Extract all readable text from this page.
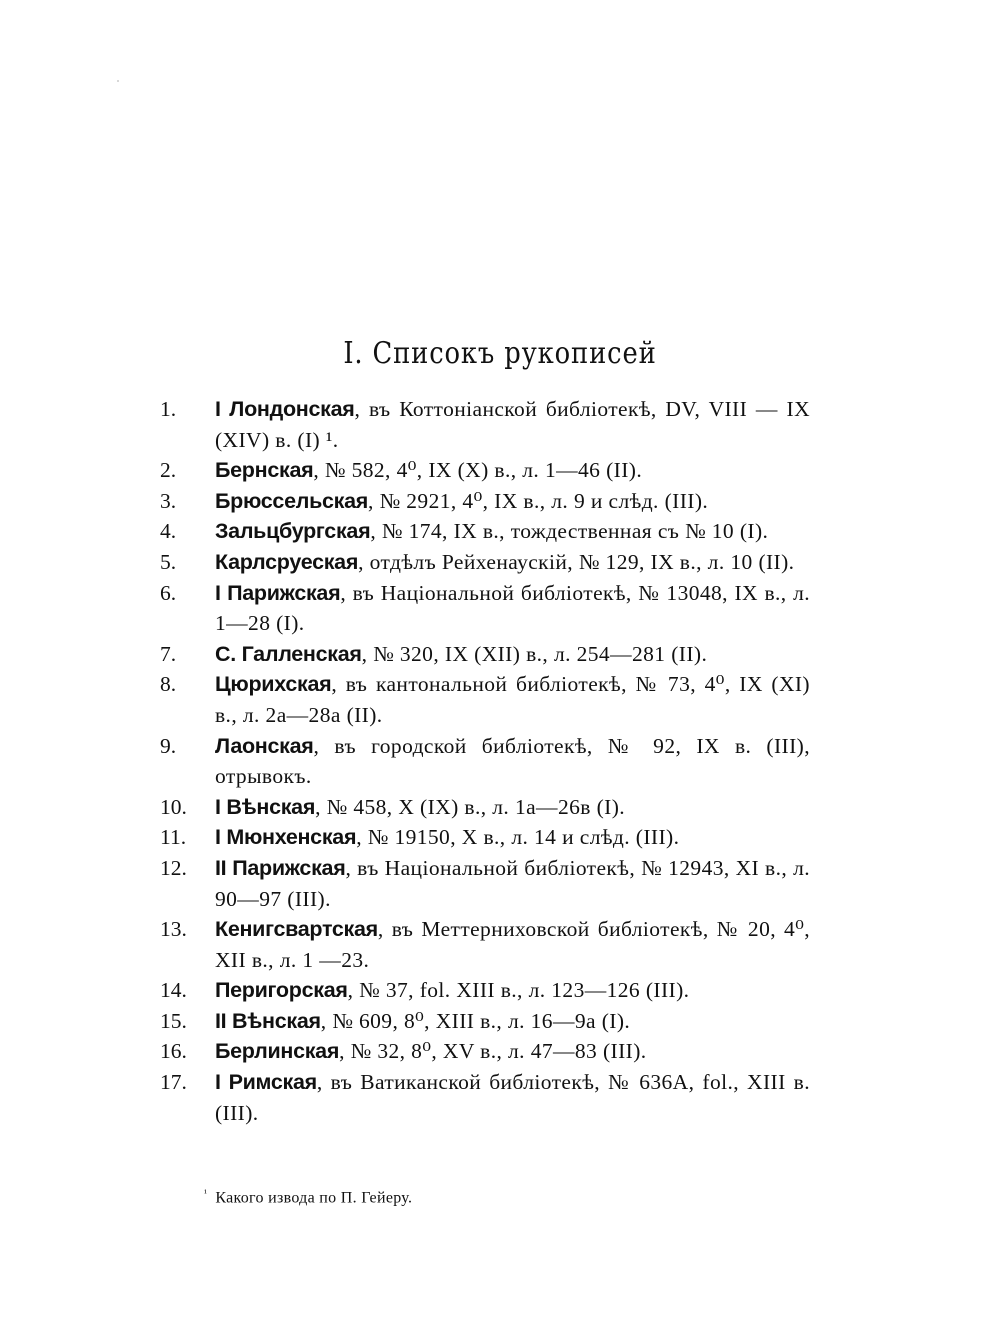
I. Списокъ рукописей
1.	I Лондонская, въ Коттоніанской библіотекѣ, DV, VIII — IX (XIV) в. (I) ¹.
2.	Бернская, № 582, 4⁰, IX (X) в., л. 1—46 (II).
3.	Брюссельская, № 2921, 4⁰, IX в., л. 9 и слѣд. (III).
4.	Зальцбургская, № 174, IX в., тождественная съ № 10 (I).
5.	Карлсруеская, отдѣлъ Рейхенаускій, № 129, IX в., л. 10 (II).
6.	I Парижская, въ Національной библіотекѣ, № 13048, IX в., л. 1—28 (I).
7.	С. Галленская, № 320, IX (XII) в., л. 254—281 (II).
8.	Цюрихская, въ кантональной библіотекѣ, № 73, 4⁰, IX (XI) в., л. 2а—28а (II).
9.	Лаонская, въ городской библіотекѣ, № 92, IX в. (III), отрывокъ.
10.	I Вѣнская, № 458, X (IX) в., л. 1а—26в (I).
11.	I Мюнхенская, № 19150, X в., л. 14 и слѣд. (III).
12.	II Парижская, въ Національной библіотекѣ, № 12943, XI в., л. 90—97 (III).
13.	Кенигсвартская, въ Меттерниховской библіотекѣ, № 20, 4⁰, XII в., л. 1 —23.
14.	Перигорская, № 37, fol. XIII в., л. 123—126 (III).
15.	II Вѣнская, № 609, 8⁰, XIII в., л. 16—9а (I).
16.	Берлинская, № 32, 8⁰, XV в., л. 47—83 (III).
17.	I Римская, въ Ватиканской библіотекѣ, № 636A, fol., XIII в. (III).

$^{^1}$ Какого извода по П. Гейеру.
